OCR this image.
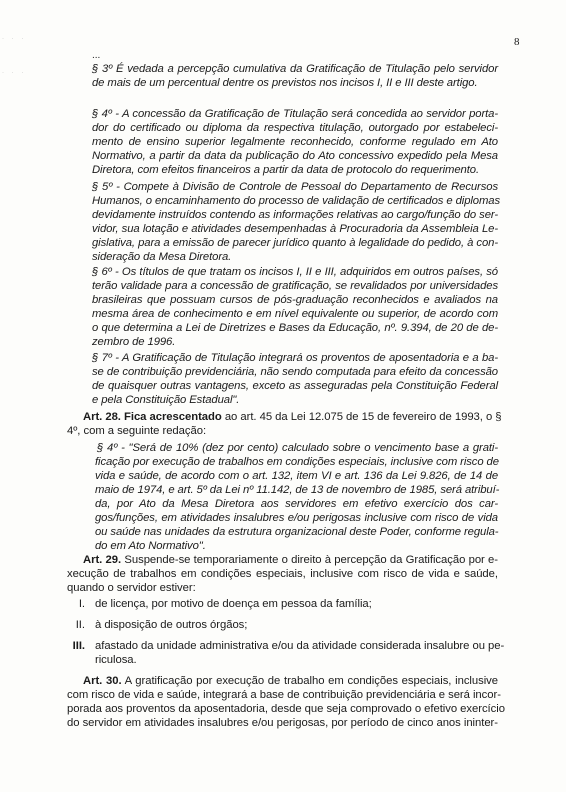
· · ·
· · ·
8
...
§ 3º É vedada a percepção cumulativa da Gratificação de Titulação pelo servidor
de mais de um percentual dentre os previstos nos incisos I, II e III deste artigo.
§ 4º - A concessão da Gratificação de Titulação será concedida ao servidor porta-
dor do certificado ou diploma da respectiva titulação, outorgado por estabeleci-
mento de ensino superior legalmente reconhecido, conforme regulado em Ato
Normativo, a partir da data da publicação do Ato concessivo expedido pela Mesa
Diretora, com efeitos financeiros a partir da data de protocolo do requerimento.
§ 5º - Compete à Divisão de Controle de Pessoal do Departamento de Recursos
Humanos, o encaminhamento do processo de validação de certificados e diplomas
devidamente instruídos contendo as informações relativas ao cargo/função do ser-
vidor, sua lotação e atividades desempenhadas à Procuradoria da Assembleia Le-
gislativa, para a emissão de parecer jurídico quanto à legalidade do pedido, à con-
sideração da Mesa Diretora.
§ 6º - Os títulos de que tratam os incisos I, II e III, adquiridos em outros países, só
terão validade para a concessão de gratificação, se revalidados por universidades
brasileiras que possuam cursos de pós-graduação reconhecidos e avaliados na
mesma área de conhecimento e em nível equivalente ou superior, de acordo com
o que determina a Lei de Diretrizes e Bases da Educação, nº. 9.394, de 20 de de-
zembro de 1996.
§ 7º - A Gratificação de Titulação integrará os proventos de aposentadoria e a ba-
se de contribuição previdenciária, não sendo computada para efeito da concessão
de quaisquer outras vantagens, exceto as asseguradas pela Constituição Federal
e pela Constituição Estadual".
Art. 28. Fica acrescentado ao art. 45 da Lei 12.075 de 15 de fevereiro de 1993, o §
4º, com a seguinte redação:
§ 4º - "Será de 10% (dez por cento) calculado sobre o vencimento base a grati-
ficação por execução de trabalhos em condições especiais, inclusive com risco de
vida e saúde, de acordo com o art. 132, item VI e art. 136 da Lei 9.826, de 14 de
maio de 1974, e art. 5º da Lei nº 11.142, de 13 de novembro de 1985, será atribuí-
da, por Ato da Mesa Diretora aos servidores em efetivo exercício dos car-
gos/funções, em atividades insalubres e/ou perigosas inclusive com risco de vida
ou saúde nas unidades da estrutura organizacional deste Poder, conforme regula-
do em Ato Normativo".
Art. 29. Suspende-se temporariamente o direito à percepção da Gratificação por e-
xecução de trabalhos em condições especiais, inclusive com risco de vida e saúde,
quando o servidor estiver:
I. de licença, por motivo de doença em pessoa da família;
II. à disposição de outros órgãos;
III. afastado da unidade administrativa e/ou da atividade considerada insalubre ou pe-
riculosa.
Art. 30. A gratificação por execução de trabalho em condições especiais, inclusive
com risco de vida e saúde, integrará a base de contribuição previdenciária e será incor-
porada aos proventos da aposentadoria, desde que seja comprovado o efetivo exercício
do servidor em atividades insalubres e/ou perigosas, por período de cinco anos ininter-
